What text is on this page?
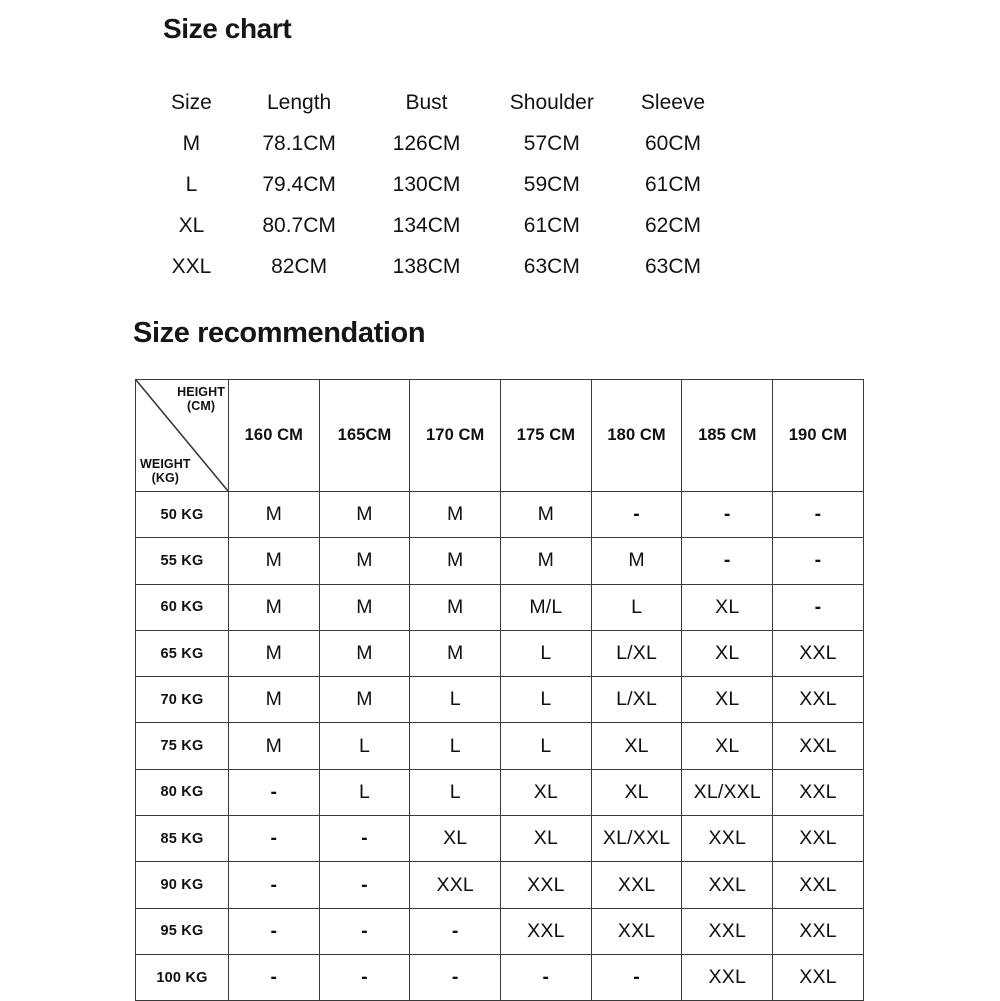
Size chart
Size	Length	Bust	Shoulder	Sleeve
M	78.1CM	126CM	57CM	60CM
L	79.4CM	130CM	59CM	61CM
XL	80.7CM	134CM	61CM	62CM
XXL	82CM	138CM	63CM	63CM
Size recommendation
HEIGHT
(CM)
WEIGHT
(KG)	160 CM	165CM	170 CM	175 CM	180 CM	185 CM	190 CM
50 KG	M	M	M	M	-	-	-
55 KG	M	M	M	M	M	-	-
60 KG	M	M	M	M/L	L	XL	-
65 KG	M	M	M	L	L/XL	XL	XXL
70 KG	M	M	L	L	L/XL	XL	XXL
75 KG	M	L	L	L	XL	XL	XXL
80 KG	-	L	L	XL	XL	XL/XXL	XXL
85 KG	-	-	XL	XL	XL/XXL	XXL	XXL
90 KG	-	-	XXL	XXL	XXL	XXL	XXL
95 KG	-	-	-	XXL	XXL	XXL	XXL
100 KG	-	-	-	-	-	XXL	XXL
